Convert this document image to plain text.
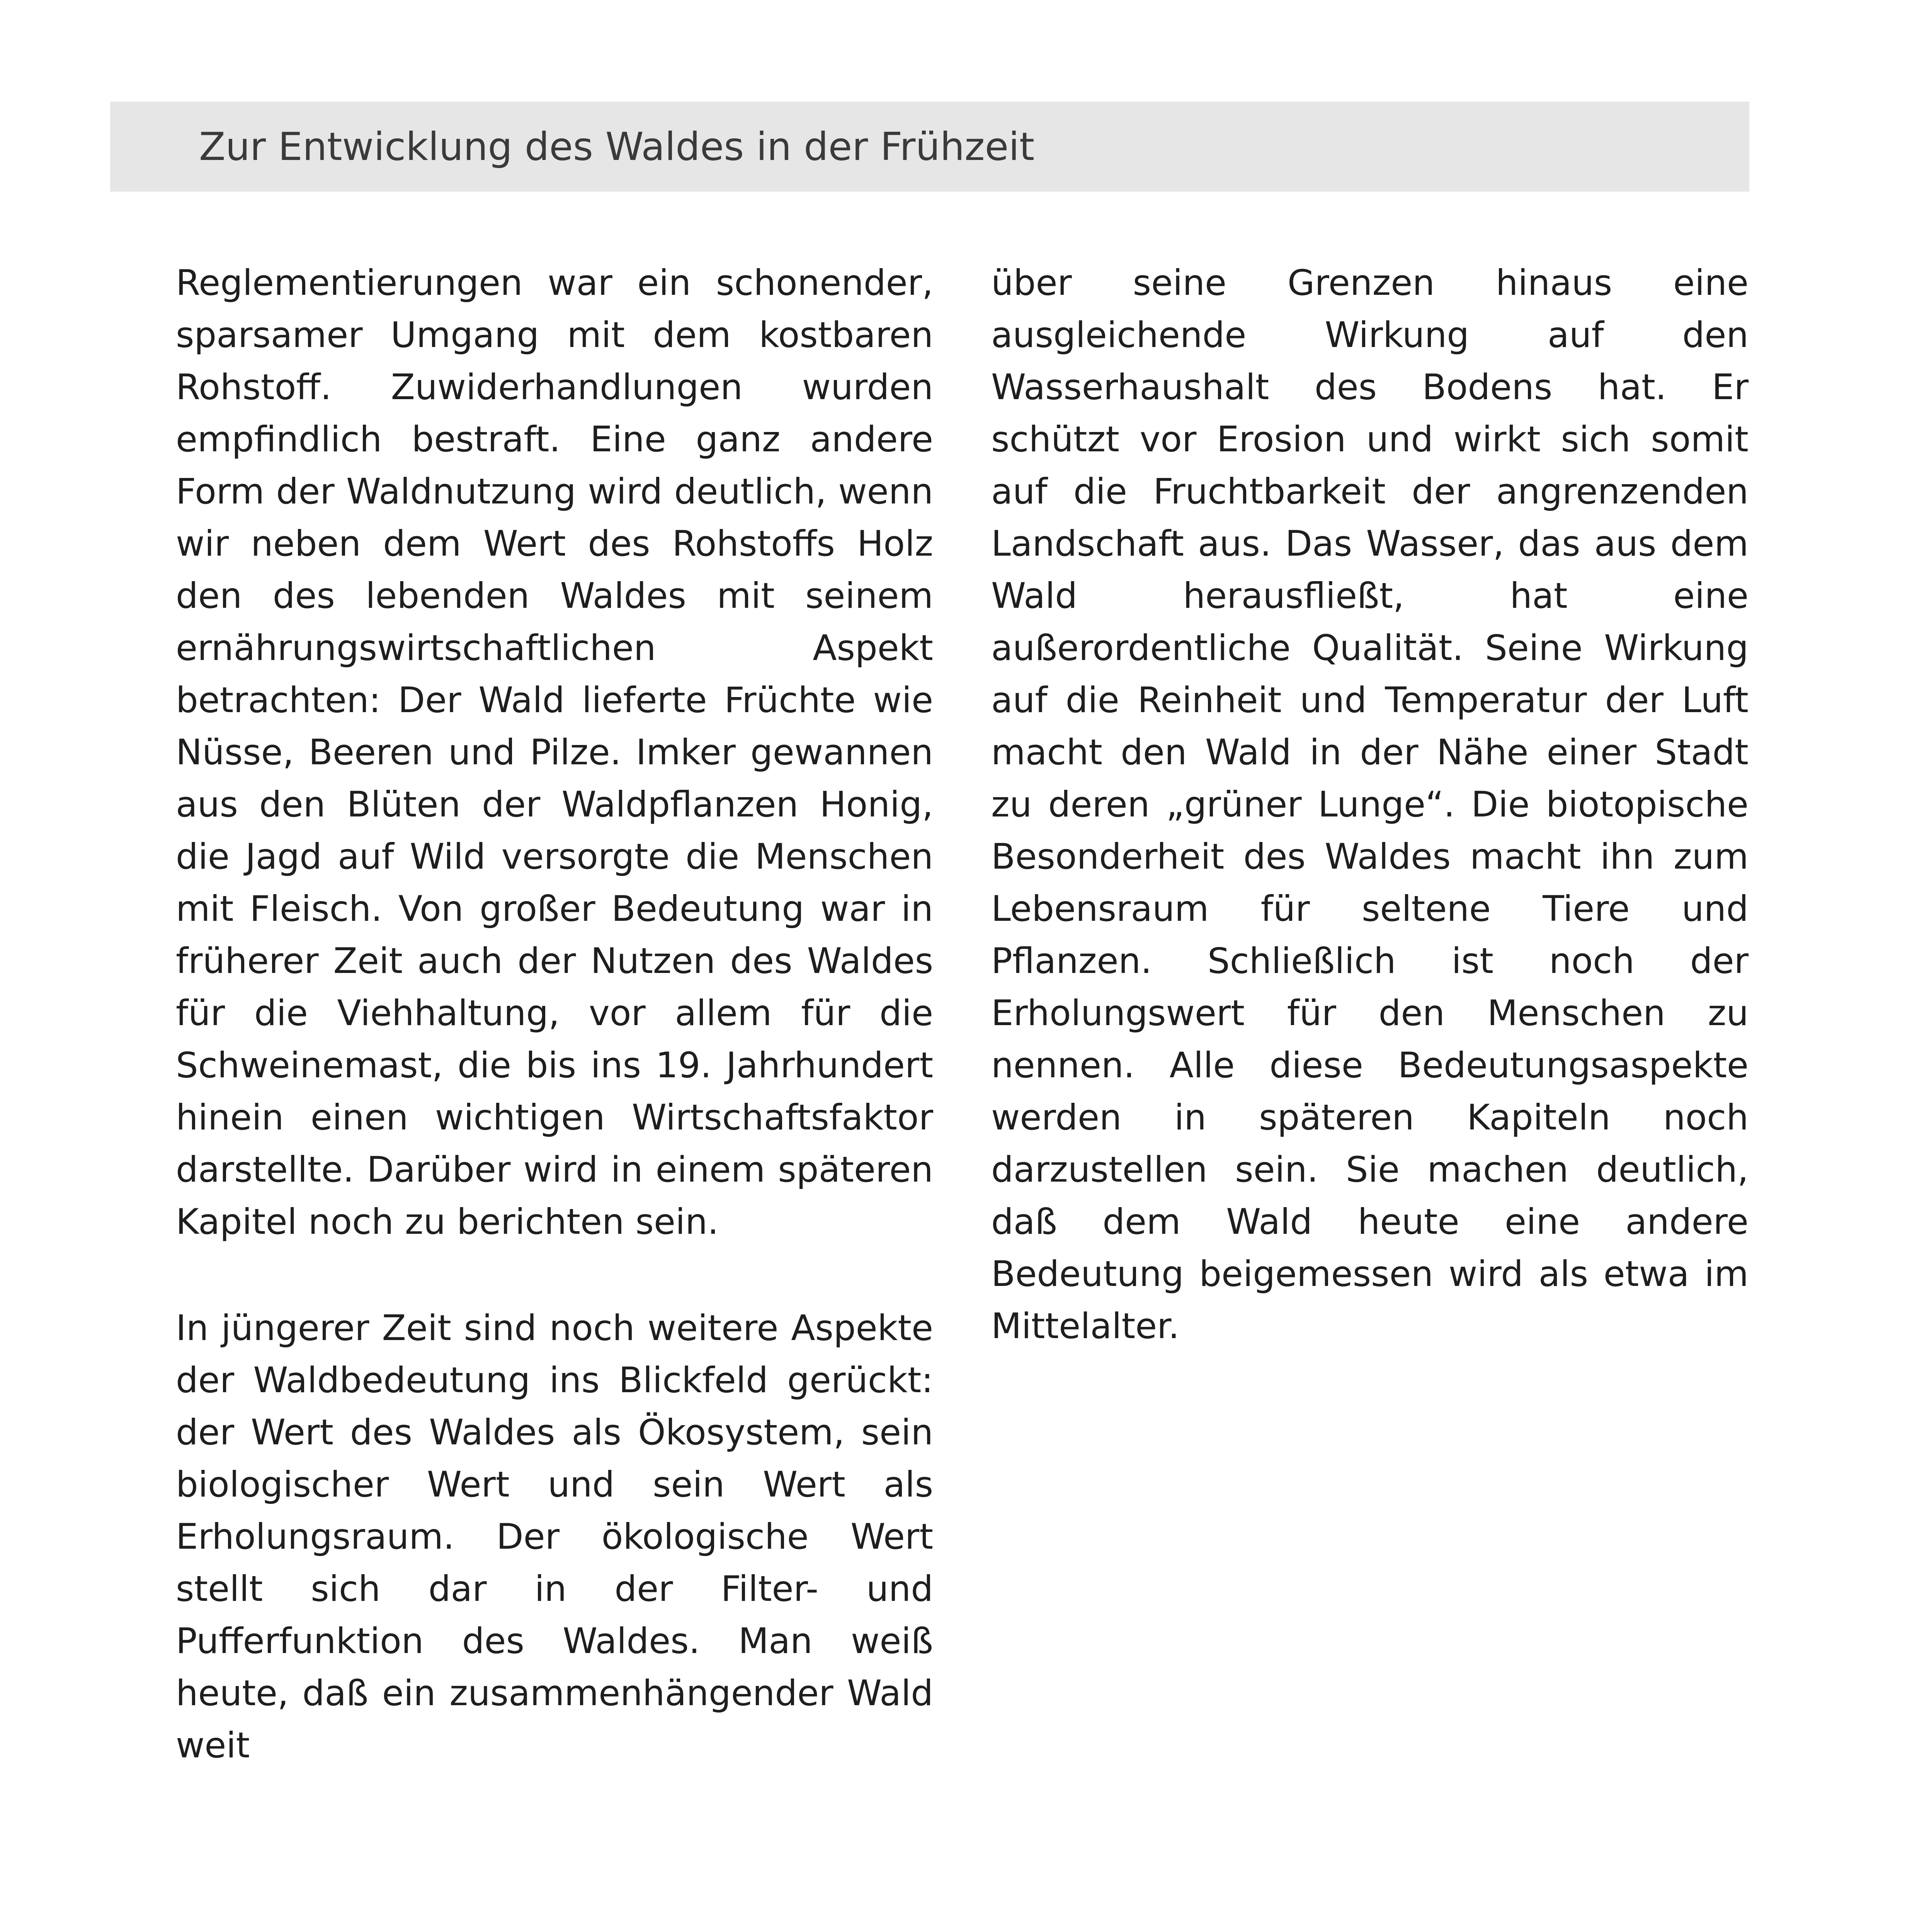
Zur Entwicklung des Waldes in der Frühzeit

Reglementierungen war ein schonender, sparsamer Umgang mit dem kostbaren Rohstoff. Zuwiderhandlungen wurden empfindlich bestraft. Eine ganz andere Form der Waldnutzung wird deutlich, wenn wir neben dem Wert des Rohstoffs Holz den des lebenden Waldes mit seinem ernährungswirtschaftlichen Aspekt betrachten: Der Wald lieferte Früchte wie Nüsse, Beeren und Pilze. Imker gewannen aus den Blüten der Waldpflanzen Honig, die Jagd auf Wild versorgte die Menschen mit Fleisch. Von großer Bedeutung war in früherer Zeit auch der Nutzen des Waldes für die Viehhaltung, vor allem für die Schweinemast, die bis ins 19. Jahrhundert hinein einen wichtigen Wirtschaftsfaktor darstellte. Darüber wird in einem späteren Kapitel noch zu berichten sein.

In jüngerer Zeit sind noch weitere Aspekte der Waldbedeutung ins Blickfeld gerückt: der Wert des Waldes als Ökosystem, sein biologischer Wert und sein Wert als Erholungsraum. Der ökologische Wert stellt sich dar in der Filter- und Pufferfunktion des Waldes. Man weiß heute, daß ein zusammenhängender Wald weit

über seine Grenzen hinaus eine ausgleichende Wirkung auf den Wasserhaushalt des Bodens hat. Er schützt vor Erosion und wirkt sich somit auf die Fruchtbarkeit der angrenzenden Landschaft aus. Das Wasser, das aus dem Wald herausfließt, hat eine außerordentliche Qualität. Seine Wirkung auf die Reinheit und Temperatur der Luft macht den Wald in der Nähe einer Stadt zu deren „grüner Lunge“. Die biotopische Besonderheit des Waldes macht ihn zum Lebensraum für seltene Tiere und Pflanzen. Schließlich ist noch der Erholungswert für den Menschen zu nennen. Alle diese Bedeutungsaspekte werden in späteren Kapiteln noch darzustellen sein. Sie machen deutlich, daß dem Wald heute eine andere Bedeutung beigemessen wird als etwa im Mittelalter.
